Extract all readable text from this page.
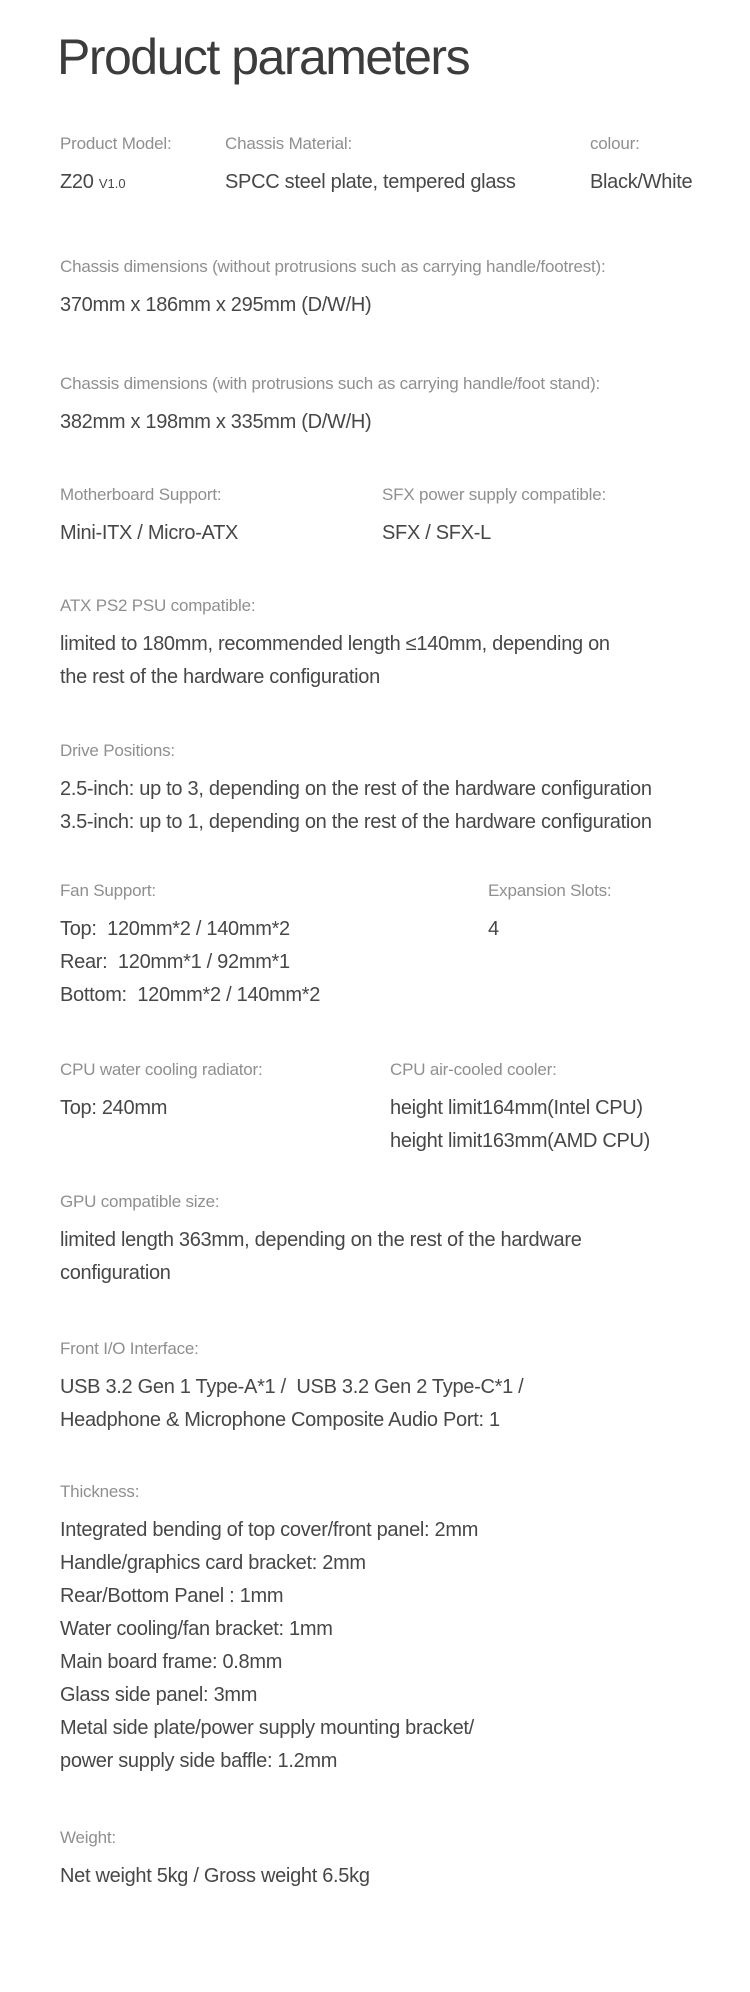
Product parameters
Product Model:
Z20 V1.0
Chassis Material:
SPCC steel plate, tempered glass
colour:
Black/White
Chassis dimensions (without protrusions such as carrying handle/footrest):
370mm x 186mm x 295mm (D/W/H)
Chassis dimensions (with protrusions such as carrying handle/foot stand):
382mm x 198mm x 335mm (D/W/H)
Motherboard Support:
Mini-ITX / Micro-ATX
SFX power supply compatible:
SFX / SFX-L
ATX PS2 PSU compatible:
limited to 180mm, recommended length ≤140mm, depending on
the rest of the hardware configuration
Drive Positions:
2.5-inch: up to 3, depending on the rest of the hardware configuration
3.5-inch: up to 1, depending on the rest of the hardware configuration
Fan Support:
Top:  120mm*2 / 140mm*2
Rear:  120mm*1 / 92mm*1
Bottom:  120mm*2 / 140mm*2
Expansion Slots:
4
CPU water cooling radiator:
Top: 240mm
CPU air-cooled cooler:
height limit164mm(Intel CPU)
height limit163mm(AMD CPU)
GPU compatible size:
limited length 363mm, depending on the rest of the hardware
configuration
Front I/O Interface:
USB 3.2 Gen 1 Type-A*1 /  USB 3.2 Gen 2 Type-C*1 /
Headphone & Microphone Composite Audio Port: 1
Thickness:
Integrated bending of top cover/front panel: 2mm
Handle/graphics card bracket: 2mm
Rear/Bottom Panel : 1mm
Water cooling/fan bracket: 1mm
Main board frame: 0.8mm
Glass side panel: 3mm
Metal side plate/power supply mounting bracket/
power supply side baffle: 1.2mm
Weight:
Net weight 5kg / Gross weight 6.5kg
